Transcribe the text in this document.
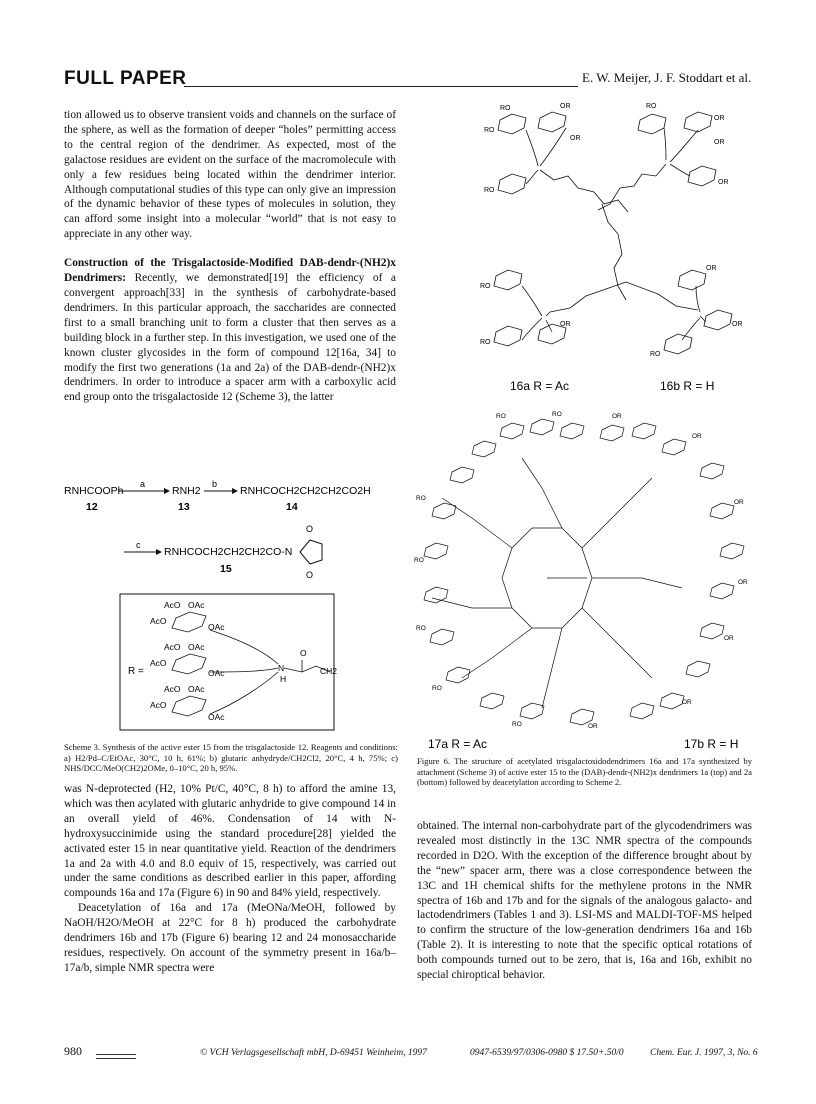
FULL PAPER	E. W. Meijer, J. F. Stoddart et al.

tion allowed us to observe transient voids and channels on the surface of the sphere, as well as the formation of deeper “holes” permitting access to the central region of the dendrimer. As expected, most of the galactose residues are evident on the surface of the macromolecule with only a few residues being located within the dendrimer interior. Although computational studies of this type can only give an impression of the dynamic behavior of these types of molecules in solution, they can afford some insight into a molecular “world” that is not easy to appreciate in any other way.

Construction of the Trisgalactoside-Modified DAB-dendr-(NH2)x Dendrimers: Recently, we demonstrated[19] the efficiency of a convergent approach[33] in the synthesis of carbohydrate-based dendrimers. In this particular approach, the saccharides are connected first to a small branching unit to form a cluster that then serves as a building block in a further step. In this investigation, we used one of the known cluster glycosides in the form of compound 12[16a, 34] to modify the first two generations (1a and 2a) of the DAB-dendr-(NH2)x dendrimers. In order to introduce a spacer arm with a carboxylic acid end group onto the trisgalactoside 12 (Scheme 3), the latter

RNHCOOPh
12
a
RNH2
13
b
RNHCOCH2CH2CH2CO2H
14
c
RNHCOCH2CH2CH2CO-N
15
O
O
AcO OAc
AcO
OAc
AcO OAc
AcO
OAc
AcO OAc
AcO
OAc
N
H
O
CH2
R =
Scheme 3. Synthesis of the active ester 15 from the trisgalactoside 12. Reagents and conditions: a) H2/Pd–C/EtOAc, 30°C, 10 h, 61%; b) glutaric anhydryde/CH2Cl2, 20°C, 4 h, 75%; c) NHS/DCC/MeO(CH2)2OMe, 0–10°C, 20 h, 95%.
RO	OR
RO
OR
RO
RO
OR
OR
OR
RO
RO
OR
OR
OR
RO
16a R = Ac	16b R = H
RO	RO	OR
OR
OR
OR
OR
OR
RO
RO
RO
RO
RO	OR
17a R = Ac	17b R = H
Figure 6. The structure of acetylated trisgalactosidodendrimers 16a and 17a synthesized by attachment (Scheme 3) of active ester 15 to the (DAB)-dendr-(NH2)x dendrimers 1a (top) and 2a (bottom) followed by deacetylation according to Scheme 2.

was N-deprotected (H2, 10% Pt/C, 40°C, 8 h) to afford the amine 13, which was then acylated with glutaric anhydride to give compound 14 in an overall yield of 46%. Condensation of 14 with N-hydroxysuccinimide using the standard procedure[28] yielded the activated ester 15 in near quantitative yield. Reaction of the dendrimers 1a and 2a with 4.0 and 8.0 equiv of 15, respectively, was carried out under the same conditions as described earlier in this paper, affording compounds 16a and 17a (Figure 6) in 90 and 84% yield, respectively.

Deacetylation of 16a and 17a (MeONa/MeOH, followed by NaOH/H2O/MeOH at 22°C for 8 h) produced the carbohydrate dendrimers 16b and 17b (Figure 6) bearing 12 and 24 monosaccharide residues, respectively. On account of the symmetry present in 16a/b–17a/b, simple NMR spectra were

obtained. The internal non-carbohydrate part of the glycodendrimers was revealed most distinctly in the 13C NMR spectra of the compounds recorded in D2O. With the exception of the difference brought about by the “new” spacer arm, there was a close correspondence between the 13C and 1H chemical shifts for the methylene protons in the NMR spectra of 16b and 17b and for the signals of the analogous galacto- and lactodendrimers (Tables 1 and 3). LSI-MS and MALDI-TOF-MS helped to confirm the structure of the low-generation dendrimers 16a and 16b (Table 2). It is interesting to note that the specific optical rotations of both compounds turned out to be zero, that is, 16a and 16b, exhibit no special chiroptical behavior.

980	© VCH Verlagsgesellschaft mbH, D-69451 Weinheim, 1997	0947-6539/97/0306-0980 $ 17.50+.50/0	Chem. Eur. J. 1997, 3, No. 6
